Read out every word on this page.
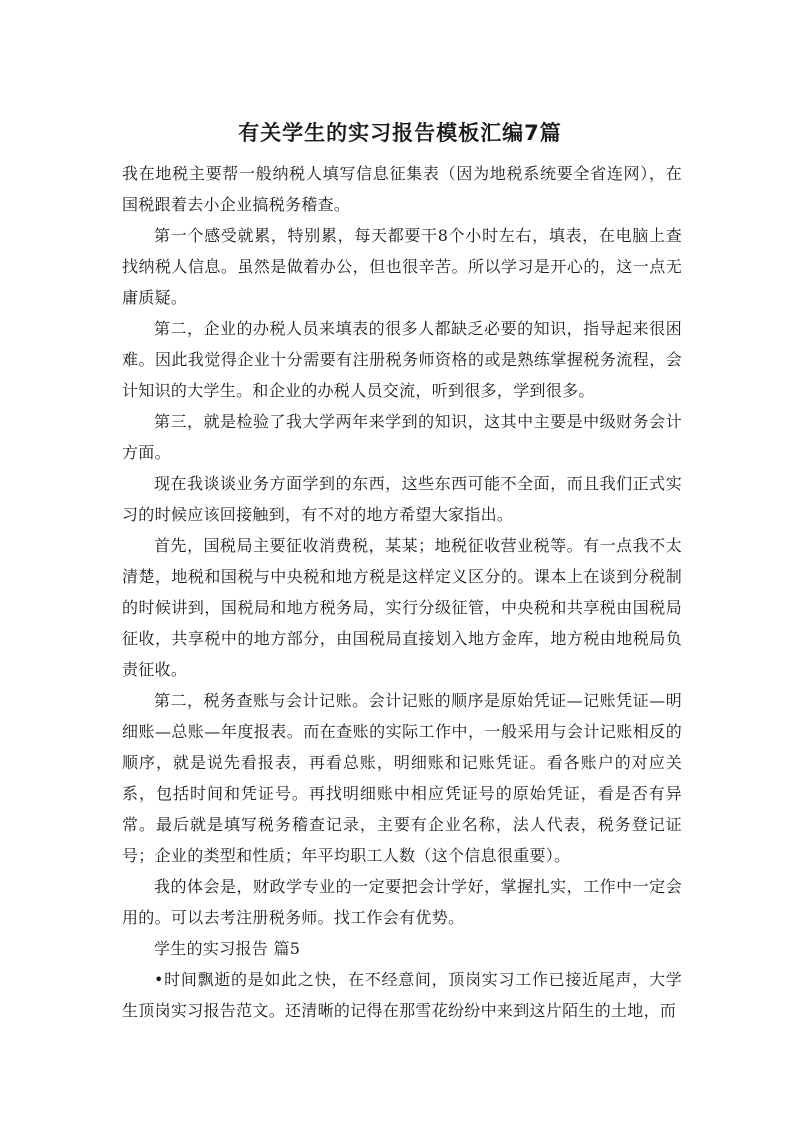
有关学生的实习报告模板汇编7篇

我在地税主要帮一般纳税人填写信息征集表（因为地税系统要全省连网），在国税跟着去小企业搞税务稽查。

第一个感受就累，特别累，每天都要干8个小时左右，填表，在电脑上查找纳税人信息。虽然是做着办公，但也很辛苦。所以学习是开心的，这一点无庸质疑。

第二，企业的办税人员来填表的很多人都缺乏必要的知识，指导起来很困难。因此我觉得企业十分需要有注册税务师资格的或是熟练掌握税务流程，会计知识的大学生。和企业的办税人员交流，听到很多，学到很多。

第三，就是检验了我大学两年来学到的知识，这其中主要是中级财务会计方面。

现在我谈谈业务方面学到的东西，这些东西可能不全面，而且我们正式实习的时候应该回接触到，有不对的地方希望大家指出。

首先，国税局主要征收消费税，某某；地税征收营业税等。有一点我不太清楚，地税和国税与中央税和地方税是这样定义区分的。课本上在谈到分税制的时候讲到，国税局和地方税务局，实行分级征管，中央税和共享税由国税局征收，共享税中的地方部分，由国税局直接划入地方金库，地方税由地税局负责征收。

第二，税务查账与会计记账。会计记账的顺序是原始凭证—记账凭证—明细账—总账—年度报表。而在查账的实际工作中，一般采用与会计记账相反的顺序，就是说先看报表，再看总账，明细账和记账凭证。看各账户的对应关系，包括时间和凭证号。再找明细账中相应凭证号的原始凭证，看是否有异常。最后就是填写税务稽查记录，主要有企业名称，法人代表，税务登记证号；企业的类型和性质；年平均职工人数（这个信息很重要）。

我的体会是，财政学专业的一定要把会计学好，掌握扎实，工作中一定会用的。可以去考注册税务师。找工作会有优势。

学生的实习报告 篇5

•时间飘逝的是如此之快，在不经意间，顶岗实习工作已接近尾声，大学生顶岗实习报告范文。还清晰的记得在那雪花纷纷中来到这片陌生的土地，而
